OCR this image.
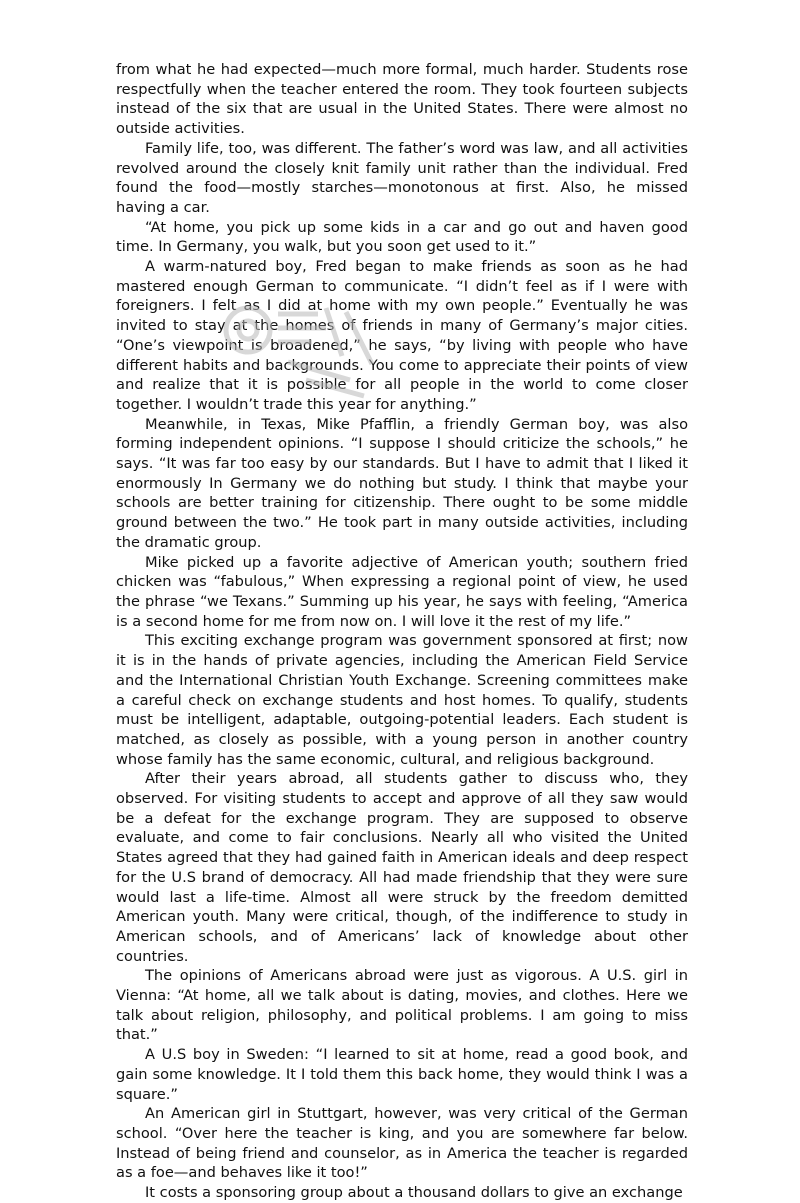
from what he had expected—much more formal, much harder. Students rose respectfully when the teacher entered the room. They took fourteen subjects instead of the six that are usual in the United States. There were almost no outside activities.

Family life, too, was different. The father’s word was law, and all activities revolved around the closely knit family unit rather than the individual. Fred found the food—mostly starches—monotonous at first. Also, he missed having a car.

“At home, you pick up some kids in a car and go out and haven good time. In Germany, you walk, but you soon get used to it.”

A warm-natured boy, Fred began to make friends as soon as he had mastered enough German to communicate. “I didn’t feel as if I were with foreigners. I felt as I did at home with my own people.” Eventually he was invited to stay at the homes of friends in many of Germany’s major cities. “One’s viewpoint is broadened,” he says, “by living with people who have different habits and backgrounds. You come to appreciate their points of view and realize that it is possible for all people in the world to come closer together. I wouldn’t trade this year for anything.”

Meanwhile, in Texas, Mike Pfafflin, a friendly German boy, was also forming independent opinions. “I suppose I should criticize the schools,” he says. “It was far too easy by our standards. But I have to admit that I liked it enormously In Germany we do nothing but study. I think that maybe your schools are better training for citizenship. There ought to be some middle ground between the two.” He took part in many outside activities, including the dramatic group.

Mike picked up a favorite adjective of American youth; southern fried chicken was “fabulous,” When expressing a regional point of view, he used the phrase “we Texans.” Summing up his year, he says with feeling, “America is a second home for me from now on. I will love it the rest of my life.”

This exciting exchange program was government sponsored at first; now it is in the hands of private agencies, including the American Field Service and the International Christian Youth Exchange. Screening committees make a careful check on exchange students and host homes. To qualify, students must be intelligent, adaptable, outgoing-potential leaders. Each student is matched, as closely as possible, with a young person in another country whose family has the same economic, cultural, and religious background.

After their years abroad, all students gather to discuss who, they observed. For visiting students to accept and approve of all they saw would be a defeat for the exchange program. They are supposed to observe evaluate, and come to fair conclusions. Nearly all who visited the United States agreed that they had gained faith in American ideals and deep respect for the U.S brand of democracy. All had made friendship that they were sure would last a life-time. Almost all were struck by the freedom demitted American youth. Many were critical, though, of the indifference to study in American schools, and of Americans’ lack of knowledge about other countries.

The opinions of Americans abroad were just as vigorous. A U.S. girl in Vienna: “At home, all we talk about is dating, movies, and clothes. Here we talk about religion, philosophy, and political problems. I am going to miss that.”

A U.S boy in Sweden: “I learned to sit at home, read a good book, and gain some knowledge. It I told them this back home, they would think I was a square.”

An American girl in Stuttgart, however, was very critical of the German school. “Over here the teacher is king, and you are somewhere far below. Instead of being friend and counselor, as in America the teacher is regarded as a foe—and behaves like it too!”

It costs a sponsoring group about a thousand dollars to give an exchange
